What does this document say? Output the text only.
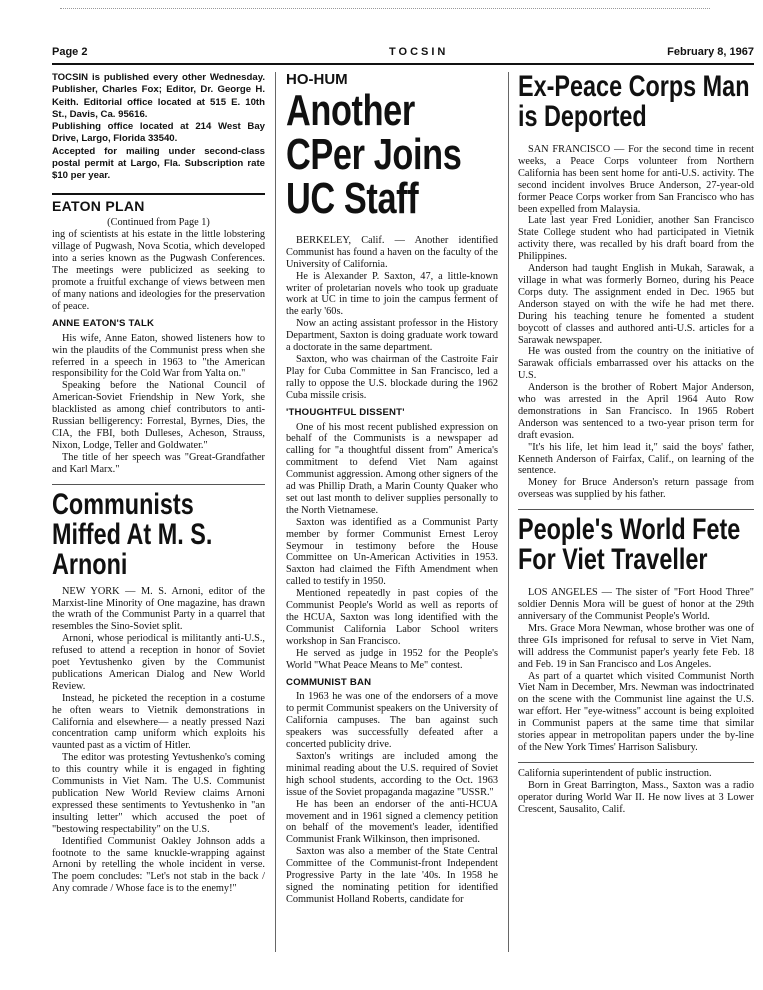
Page 2	TOCSIN	February 8, 1967

TOCSIN is published every other Wednesday. Publisher, Charles Fox; Editor, Dr. George H. Keith. Editorial office located at 515 E. 10th St., Davis, Ca. 95616.

Publishing office located at 214 West Bay Drive, Largo, Florida 33540.

Accepted for mailing under second-class postal permit at Largo, Fla. Subscription rate $10 per year.

EATON PLAN

(Continued from Page 1)

ing of scientists at his estate in the little lobstering village of Pugwash, Nova Scotia, which developed into a series known as the Pugwash Conferences. The meetings were publicized as seeking to promote a fruitful exchange of views between men of many nations and ideologies for the preservation of peace.

ANNE EATON'S TALK

His wife, Anne Eaton, showed listeners how to win the plaudits of the Communist press when she referred in a speech in 1963 to "the American responsibility for the Cold War from Yalta on."

Speaking before the National Council of American-Soviet Friendship in New York, she blacklisted as among chief contributors to anti-Russian belligerency: Forrestal, Byrnes, Dies, the CIA, the FBI, both Dulleses, Acheson, Strauss, Nixon, Lodge, Teller and Goldwater."

The title of her speech was "Great-Grandfather and Karl Marx."

Communists Miffed At M. S. Arnoni

NEW YORK — M. S. Arnoni, editor of the Marxist-line Minority of One magazine, has drawn the wrath of the Communist Party in a quarrel that resembles the Sino-Soviet split.

Arnoni, whose periodical is militantly anti-U.S., refused to attend a reception in honor of Soviet poet Yevtushenko given by the Communist publications American Dialog and New World Review.

Instead, he picketed the reception in a costume he often wears to Vietnik demonstrations in California and elsewhere— a neatly pressed Nazi concentration camp uniform which exploits his vaunted past as a victim of Hitler.

The editor was protesting Yevtushenko's coming to this country while it is engaged in fighting Communists in Viet Nam. The U.S. Communist publication New World Review claims Arnoni expressed these sentiments to Yevtushenko in "an insulting letter" which accused the poet of "bestowing respectability" on the U.S.

Identified Communist Oakley Johnson adds a footnote to the same knuckle-wrapping against Arnoni by retelling the whole incident in verse. The poem concludes: "Let's not stab in the back / Any comrade / Whose face is to the enemy!"

HO-HUM
Another CPer Joins UC Staff

BERKELEY, Calif. — Another identified Communist has found a haven on the faculty of the University of California.

He is Alexander P. Saxton, 47, a little-known writer of proletarian novels who took up graduate work at UC in time to join the campus ferment of the early '60s.

Now an acting assistant professor in the History Department, Saxton is doing graduate work toward a doctorate in the same department.

Saxton, who was chairman of the Castroite Fair Play for Cuba Committee in San Francisco, led a rally to oppose the U.S. blockade during the 1962 Cuba missile crisis.

'THOUGHTFUL DISSENT'

One of his most recent published expression on behalf of the Communists is a newspaper ad calling for "a thoughtful dissent from" America's commitment to defend Viet Nam against Communist aggression. Among other signers of the ad was Phillip Drath, a Marin County Quaker who set out last month to deliver supplies personally to the North Vietnamese.

Saxton was identified as a Communist Party member by former Communist Ernest Leroy Seymour in testimony before the House Committee on Un-American Activities in 1953. Saxton had claimed the Fifth Amendment when called to testify in 1950.

Mentioned repeatedly in past copies of the Communist People's World as well as reports of the HCUA, Saxton was long identified with the Communist California Labor School writers workshop in San Francisco.

He served as judge in 1952 for the People's World "What Peace Means to Me" contest.

COMMUNIST BAN

In 1963 he was one of the endorsers of a move to permit Communist speakers on the University of California campuses. The ban against such speakers was successfully defeated after a concerted publicity drive.

Saxton's writings are included among the minimal reading about the U.S. required of Soviet high school students, according to the Oct. 1963 issue of the Soviet propaganda magazine "USSR."

He has been an endorser of the anti-HCUA movement and in 1961 signed a clemency petition on behalf of the movement's leader, identified Communist Frank Wilkinson, then imprisoned.

Saxton was also a member of the State Central Committee of the Communist-front Independent Progressive Party in the late '40s. In 1958 he signed the nominating petition for identified Communist Holland Roberts, candidate for

Ex-Peace Corps Man is Deported

SAN FRANCISCO — For the second time in recent weeks, a Peace Corps volunteer from Northern California has been sent home for anti-U.S. activity. The second incident involves Bruce Anderson, 27-year-old former Peace Corps worker from San Francisco who has been expelled from Malaysia.

Late last year Fred Lonidier, another San Francisco State College student who had participated in Vietnik activity there, was recalled by his draft board from the Philippines.

Anderson had taught English in Mukah, Sarawak, a village in what was formerly Borneo, during his Peace Corps duty. The assignment ended in Dec. 1965 but Anderson stayed on with the wife he had met there. During his teaching tenure he fomented a student boycott of classes and authored anti-U.S. articles for a Sarawak newspaper.

He was ousted from the country on the initiative of Sarawak officials embarrassed over his attacks on the U.S.

Anderson is the brother of Robert Major Anderson, who was arrested in the April 1964 Auto Row demonstrations in San Francisco. In 1965 Robert Anderson was sentenced to a two-year prison term for draft evasion.

"It's his life, let him lead it," said the boys' father, Kenneth Anderson of Fairfax, Calif., on learning of the sentence.

Money for Bruce Anderson's return passage from overseas was supplied by his father.

People's World Fete For Viet Traveller

LOS ANGELES — The sister of "Fort Hood Three" soldier Dennis Mora will be guest of honor at the 29th anniversary of the Communist People's World.

Mrs. Grace Mora Newman, whose brother was one of three GIs imprisoned for refusal to serve in Viet Nam, will address the Communist paper's yearly fete Feb. 18 and Feb. 19 in San Francisco and Los Angeles.

As part of a quartet which visited Communist North Viet Nam in December, Mrs. Newman was indoctrinated on the scene with the Communist line against the U.S. war effort. Her "eye-witness" account is being exploited in Communist papers at the same time that similar stories appear in metropolitan papers under the by-line of the New York Times' Harrison Salisbury.

California superintendent of public instruction.

Born in Great Barrington, Mass., Saxton was a radio operator during World War II. He now lives at 3 Lower Crescent, Sausalito, Calif.
